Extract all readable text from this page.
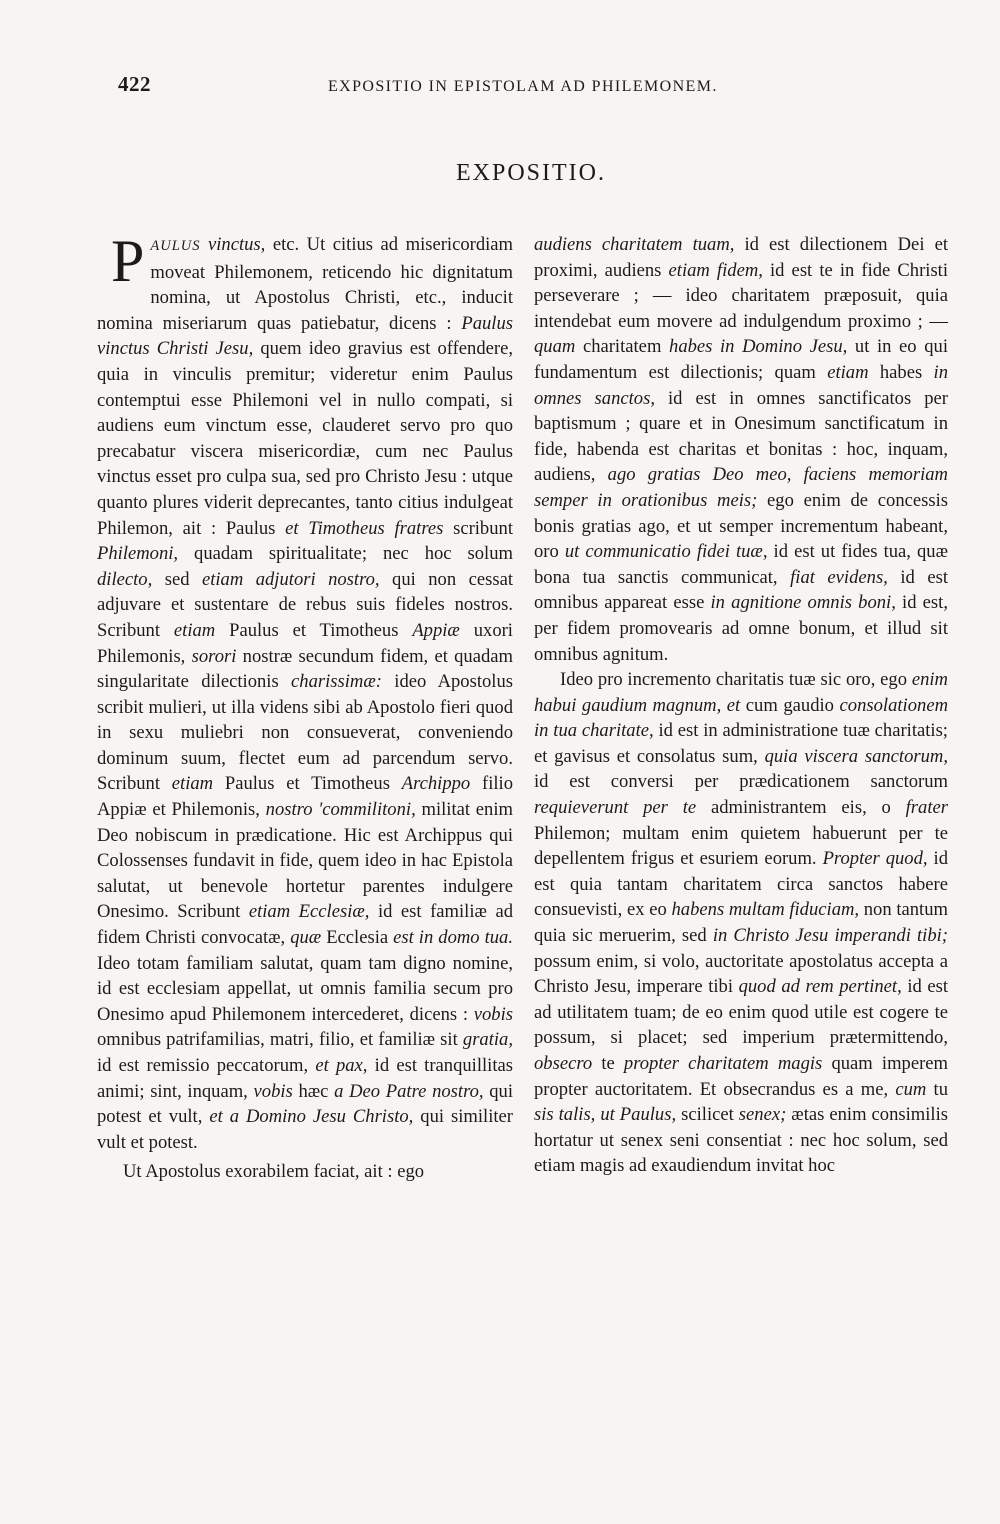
422	EXPOSITIO IN EPISTOLAM AD PHILEMONEM.
EXPOSITIO.

PAULUS vinctus, etc. Ut citius ad misericordiam moveat Philemonem, reticendo hic dignitatum nomina, ut Apostolus Christi, etc., inducit nomina miseriarum quas patiebatur, dicens : Paulus vinctus Christi Jesu, quem ideo gravius est offendere, quia in vinculis premitur; videretur enim Paulus contemptui esse Philemoni vel in nullo compati, si audiens eum vinctum esse, clauderet servo pro quo precabatur viscera misericordiæ, cum nec Paulus vinctus esset pro culpa sua, sed pro Christo Jesu : utque quanto plures viderit deprecantes, tanto citius indulgeat Philemon, ait : Paulus et Timotheus fratres scribunt Philemoni, quadam spiritualitate; nec hoc solum dilecto, sed etiam adjutori nostro, qui non cessat adjuvare et sustentare de rebus suis fideles nostros. Scribunt etiam Paulus et Timotheus Appiæ uxori Philemonis, sorori nostræ secundum fidem, et quadam singularitate dilectionis charissimæ: ideo Apostolus scribit mulieri, ut illa videns sibi ab Apostolo fieri quod in sexu muliebri non consueverat, conveniendo dominum suum, flectet eum ad parcendum servo. Scribunt etiam Paulus et Timotheus Archippo filio Appiæ et Philemonis, nostro 'commilitoni, militat enim Deo nobiscum in prædicatione. Hic est Archippus qui Colossenses fundavit in fide, quem ideo in hac Epistola salutat, ut benevole hortetur parentes indulgere Onesimo. Scribunt etiam Ecclesiæ, id est familiæ ad fidem Christi convocatæ, quæ Ecclesia est in domo tua. Ideo totam familiam salutat, quam tam digno nomine, id est ecclesiam appellat, ut omnis familia secum pro Onesimo apud Philemonem intercederet, dicens : vobis omnibus patrifamilias, matri, filio, et familiæ sit gratia, id est remissio peccatorum, et pax, id est tranquillitas animi; sint, inquam, vobis hæc a Deo Patre nostro, qui potest et vult, et a Domino Jesu Christo, qui similiter vult et potest.

Ut Apostolus exorabilem faciat, ait : ego

audiens charitatem tuam, id est dilectionem Dei et proximi, audiens etiam fidem, id est te in fide Christi perseverare ; — ideo charitatem præposuit, quia intendebat eum movere ad indulgendum proximo ; — quam charitatem habes in Domino Jesu, ut in eo qui fundamentum est dilectionis; quam etiam habes in omnes sanctos, id est in omnes sanctificatos per baptismum ; quare et in Onesimum sanctificatum in fide, habenda est charitas et bonitas : hoc, inquam, audiens, ago gratias Deo meo, faciens memoriam semper in orationibus meis; ego enim de concessis bonis gratias ago, et ut semper incrementum habeant, oro ut communicatio fidei tuæ, id est ut fides tua, quæ bona tua sanctis communicat, fiat evidens, id est omnibus appareat esse in agnitione omnis boni, id est, per fidem promovearis ad omne bonum, et illud sit omnibus agnitum.

Ideo pro incremento charitatis tuæ sic oro, ego enim habui gaudium magnum, et cum gaudio consolationem in tua charitate, id est in administratione tuæ charitatis; et gavisus et consolatus sum, quia viscera sanctorum, id est conversi per prædicationem sanctorum requieverunt per te administrantem eis, o frater Philemon; multam enim quietem habuerunt per te depellentem frigus et esuriem eorum. Propter quod, id est quia tantam charitatem circa sanctos habere consuevisti, ex eo habens multam fiduciam, non tantum quia sic meruerim, sed in Christo Jesu imperandi tibi; possum enim, si volo, auctoritate apostolatus accepta a Christo Jesu, imperare tibi quod ad rem pertinet, id est ad utilitatem tuam; de eo enim quod utile est cogere te possum, si placet; sed imperium prætermittendo, obsecro te propter charitatem magis quam imperem propter auctoritatem. Et obsecrandus es a me, cum tu sis talis, ut Paulus, scilicet senex; ætas enim consimilis hortatur ut senex seni consentiat : nec hoc solum, sed etiam magis ad exaudiendum invitat hoc
